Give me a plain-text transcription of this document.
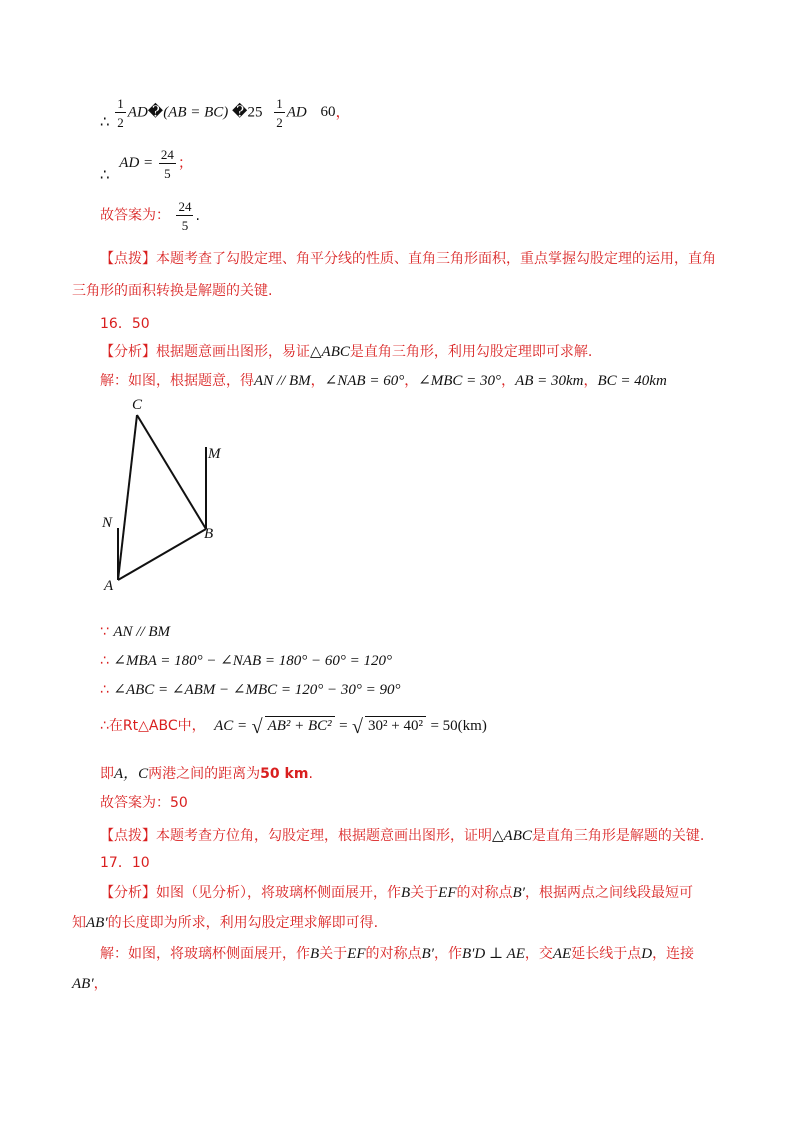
∴ $\frac{1}{2}$ AD�(AB = BC) �25 $\frac{1}{2}$ AD 60，
∴ AD = $\frac{24}{5}$ ；
故答案为： $\frac{24}{5}$ .
【点拨】本题考查了勾股定理、角平分线的性质、直角三角形面积，重点掌握勾股定理的运用，直角
三角形的面积转换是解题的关键.
16．50
【分析】根据题意画出图形，易证△ABC是直角三角形，利用勾股定理即可求解.
解：如图，根据题意，得AN // BM，∠NAB = 60°，∠MBC = 30°，AB = 30km，BC = 40km
C
M
N
B
A
∵ AN // BM
∴ ∠MBA = 180° − ∠NAB = 180° − 60° = 120°
∴ ∠ABC = ∠ABM − ∠MBC = 120° − 30° = 90°
∴在Rt△ABC中， AC = √ AB² + BC² = √ 30² + 40² = 50(km)
即A，C两港之间的距离为50 km.
故答案为：50
【点拨】本题考查方位角，勾股定理，根据题意画出图形，证明△ABC是直角三角形是解题的关键.
17．10
【分析】如图（见分析），将玻璃杯侧面展开，作B关于EF的对称点B′，根据两点之间线段最短可
知AB′的长度即为所求，利用勾股定理求解即可得.
解：如图，将玻璃杯侧面展开，作B关于EF的对称点B′，作B′D ⊥ AE，交AE延长线于点D，连接
AB′，
